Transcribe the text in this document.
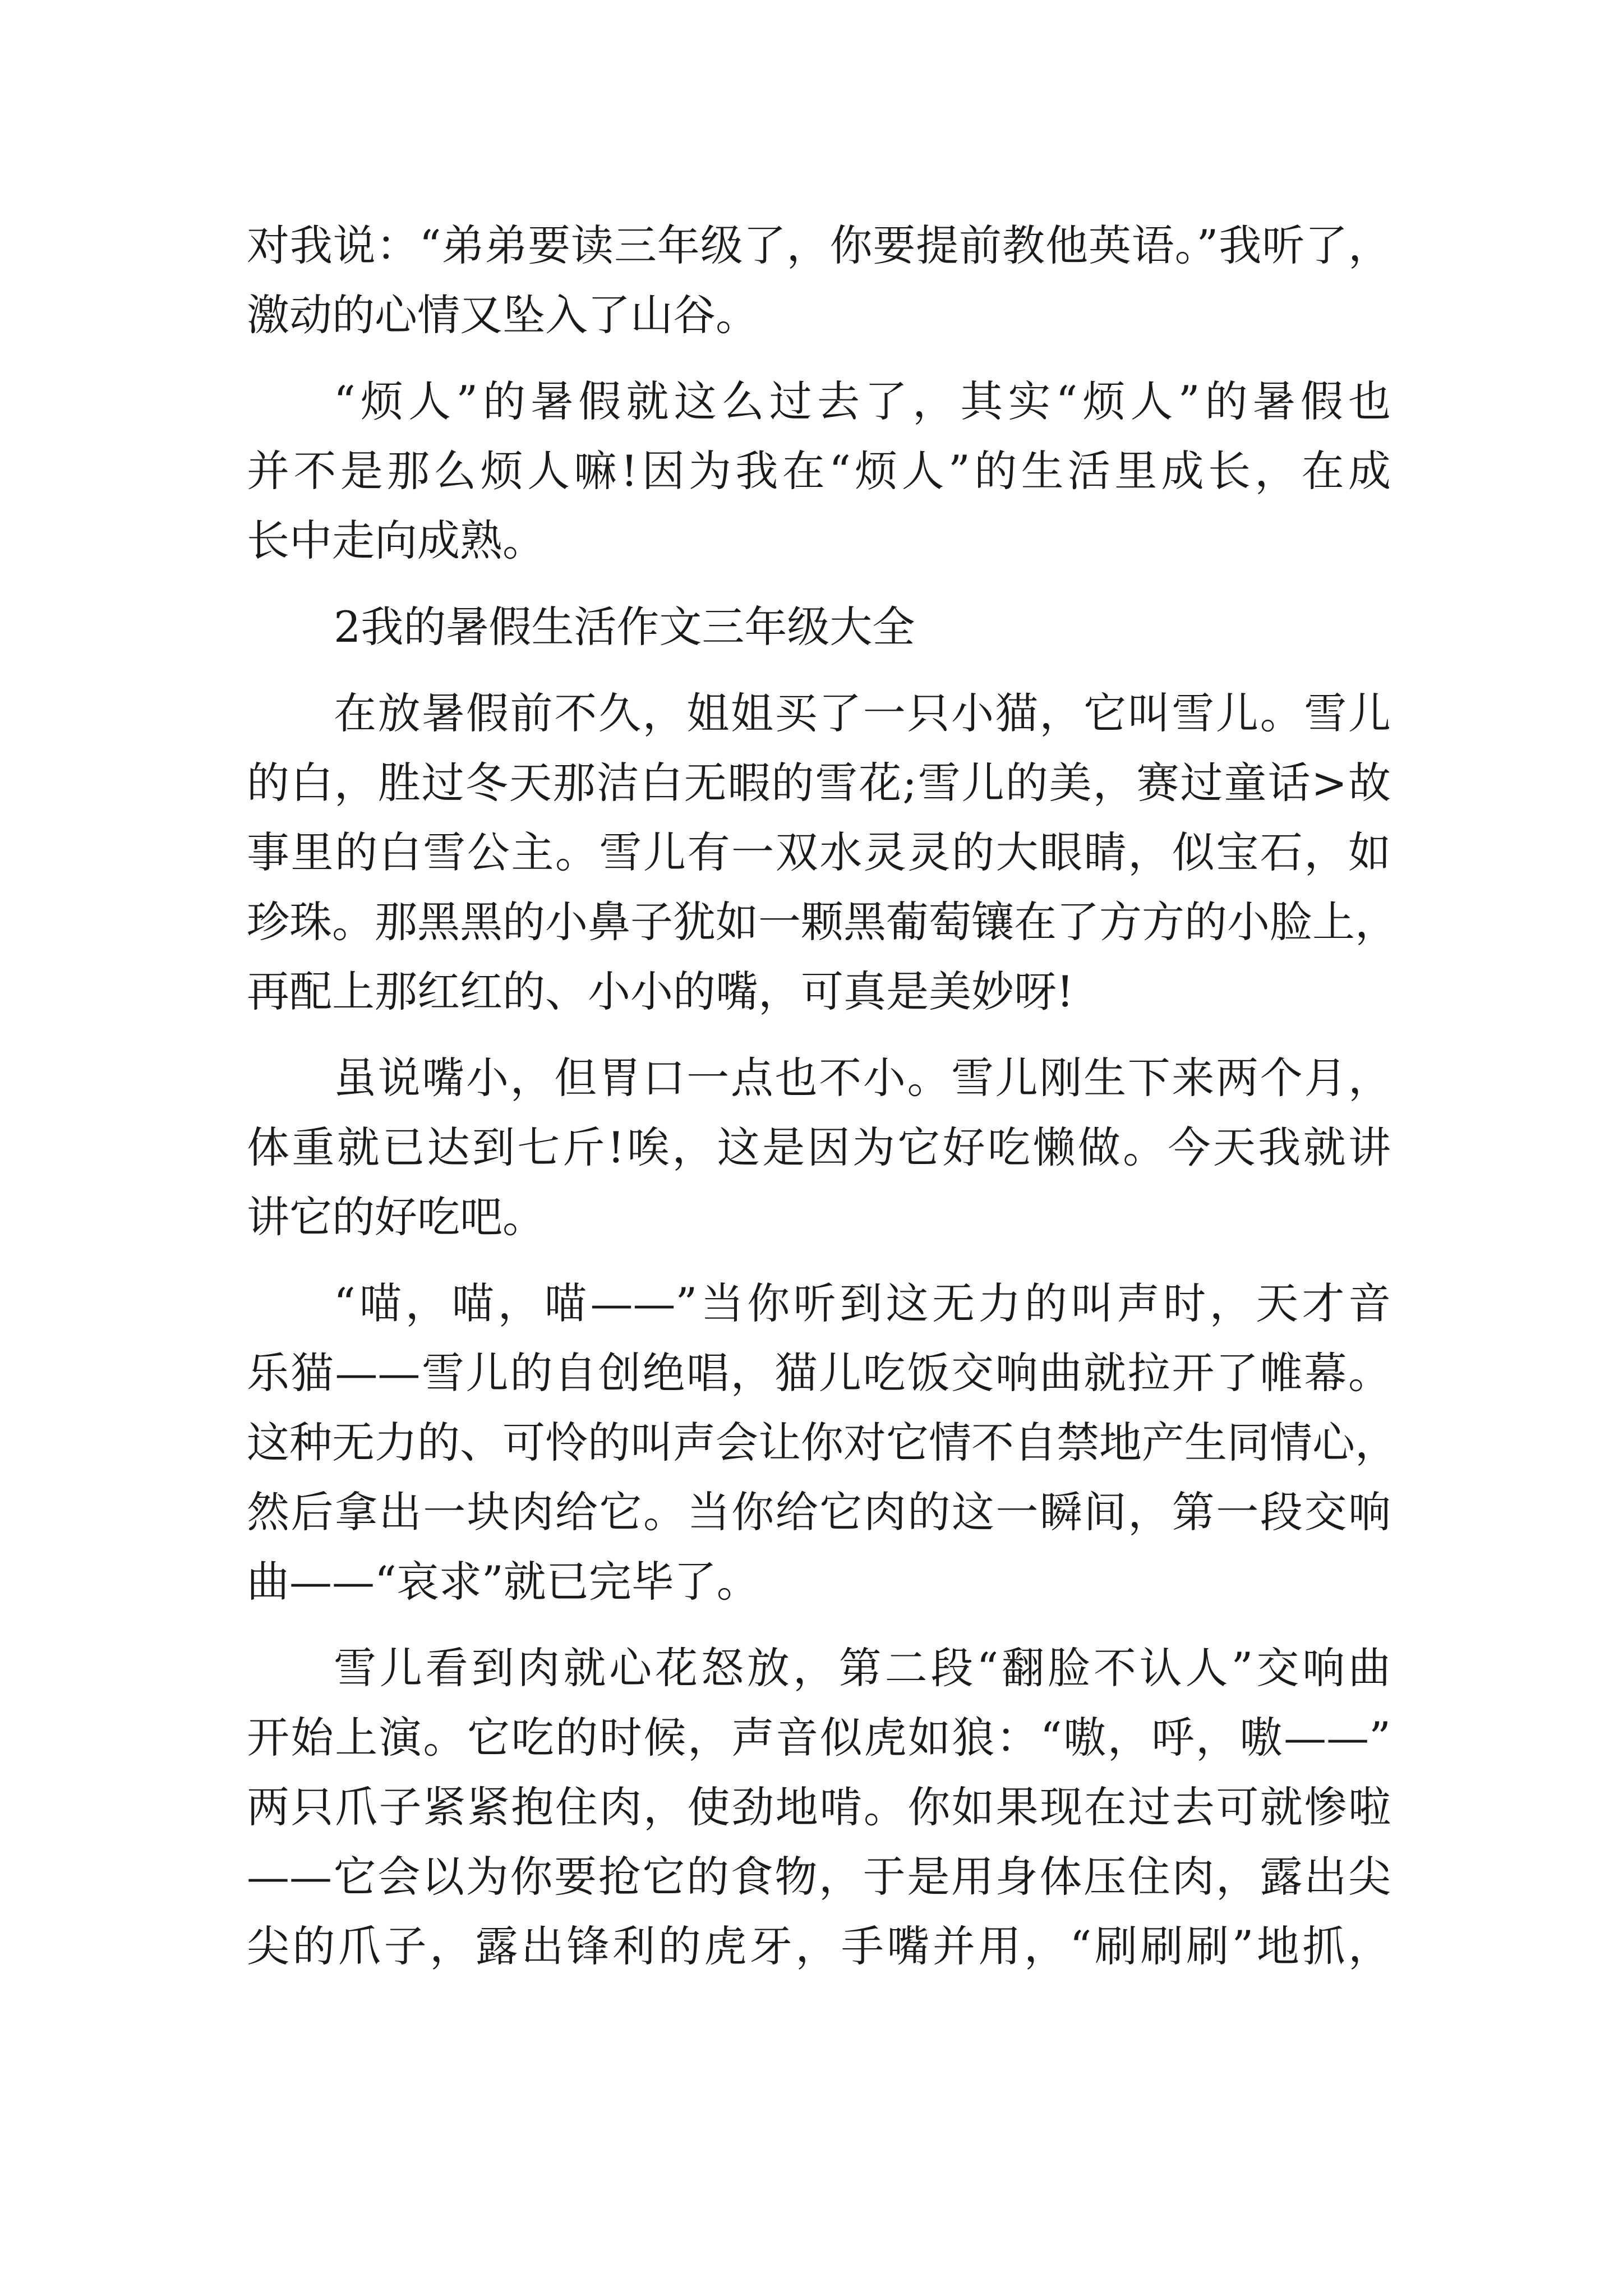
对我说：“弟弟要读三年级了，你要提前教他英语。”我听了，
激动的心情又坠入了山谷。
“烦人”的暑假就这么过去了，其实“烦人”的暑假也
并不是那么烦人嘛!因为我在“烦人”的生活里成长，在成
长中走向成熟。
2我的暑假生活作文三年级大全
在放暑假前不久，姐姐买了一只小猫，它叫雪儿。雪儿
的白，胜过冬天那洁白无暇的雪花;雪儿的美，赛过童话>故
事里的白雪公主。雪儿有一双水灵灵的大眼睛，似宝石，如
珍珠。那黑黑的小鼻子犹如一颗黑葡萄镶在了方方的小脸上，
再配上那红红的、小小的嘴，可真是美妙呀!
虽说嘴小，但胃口一点也不小。雪儿刚生下来两个月，
体重就已达到七斤!唉，这是因为它好吃懒做。今天我就讲
讲它的好吃吧。
“喵，喵，喵——”当你听到这无力的叫声时，天才音
乐猫——雪儿的自创绝唱，猫儿吃饭交响曲就拉开了帷幕。
这种无力的、可怜的叫声会让你对它情不自禁地产生同情心，
然后拿出一块肉给它。当你给它肉的这一瞬间，第一段交响
曲——“哀求”就已完毕了。
雪儿看到肉就心花怒放，第二段“翻脸不认人”交响曲
开始上演。它吃的时候，声音似虎如狼：“嗷，呼，嗷——”
两只爪子紧紧抱住肉，使劲地啃。你如果现在过去可就惨啦
——它会以为你要抢它的食物，于是用身体压住肉，露出尖
尖的爪子，露出锋利的虎牙，手嘴并用，“刷刷刷”地抓，
